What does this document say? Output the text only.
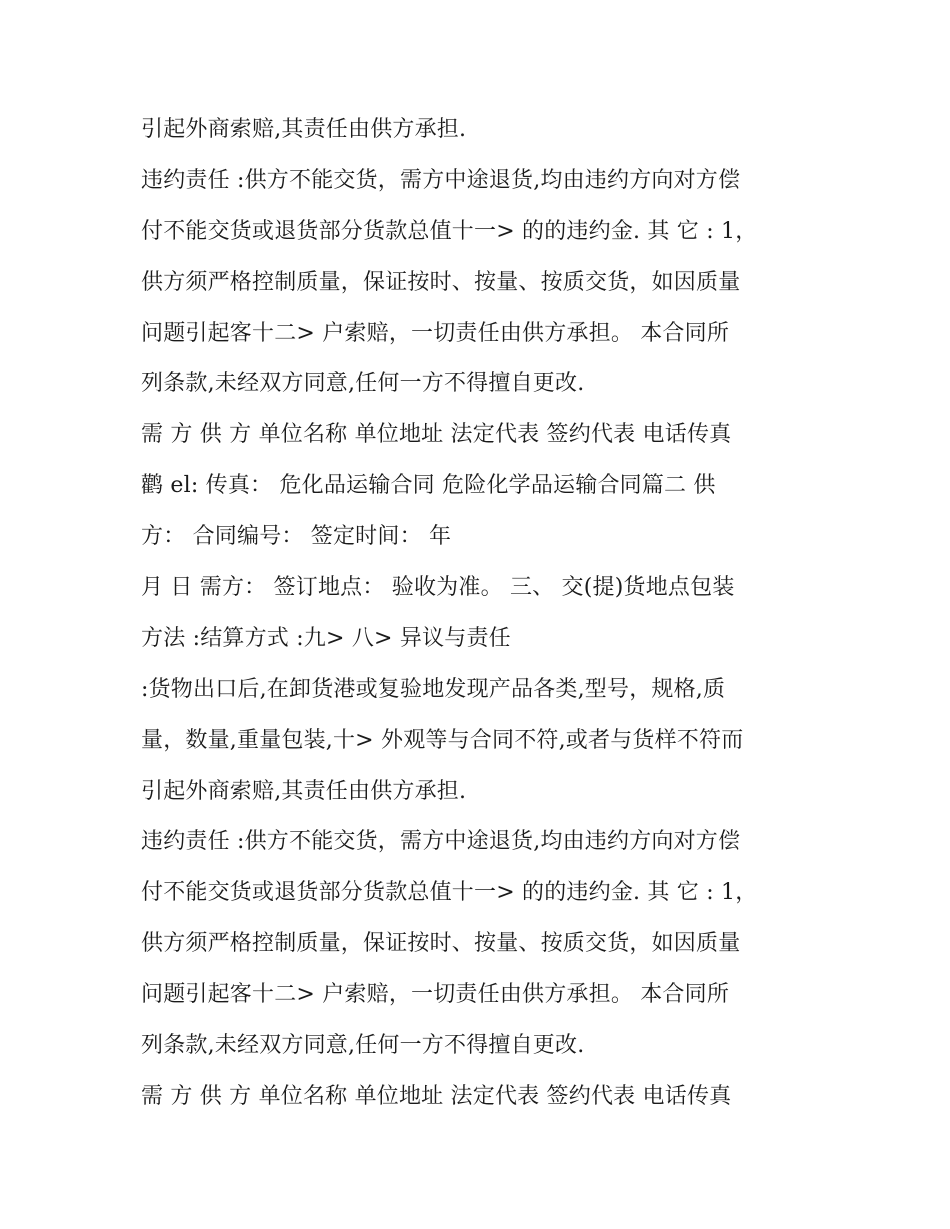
引起外商索赔,其责任由供方承担.
违约责任 :供方不能交货，需方中途退货,均由违约方向对方偿
付不能交货或退货部分货款总值十一> 的的违约金. 其 它 : 1，
供方须严格控制质量，保证按时、按量、按质交货，如因质量
问题引起客十二> 户索赔，一切责任由供方承担。 本合同所
列条款,未经双方同意,任何一方不得擅自更改.
需 方 供 方 单位名称 单位地址 法定代表 签约代表 电话传真
鹳 el: 传真： 危化品运输合同 危险化学品运输合同篇二 供
方： 合同编号： 签定时间： 年
月 日 需方： 签订地点： 验收为准。 三、 交(提)货地点包装
方法 :结算方式 :九> 八> 异议与责任
:货物出口后,在卸货港或复验地发现产品各类,型号，规格,质
量，数量,重量包装,十> 外观等与合同不符,或者与货样不符而
引起外商索赔,其责任由供方承担.
违约责任 :供方不能交货，需方中途退货,均由违约方向对方偿
付不能交货或退货部分货款总值十一> 的的违约金. 其 它 : 1，
供方须严格控制质量，保证按时、按量、按质交货，如因质量
问题引起客十二> 户索赔，一切责任由供方承担。 本合同所
列条款,未经双方同意,任何一方不得擅自更改.
需 方 供 方 单位名称 单位地址 法定代表 签约代表 电话传真
